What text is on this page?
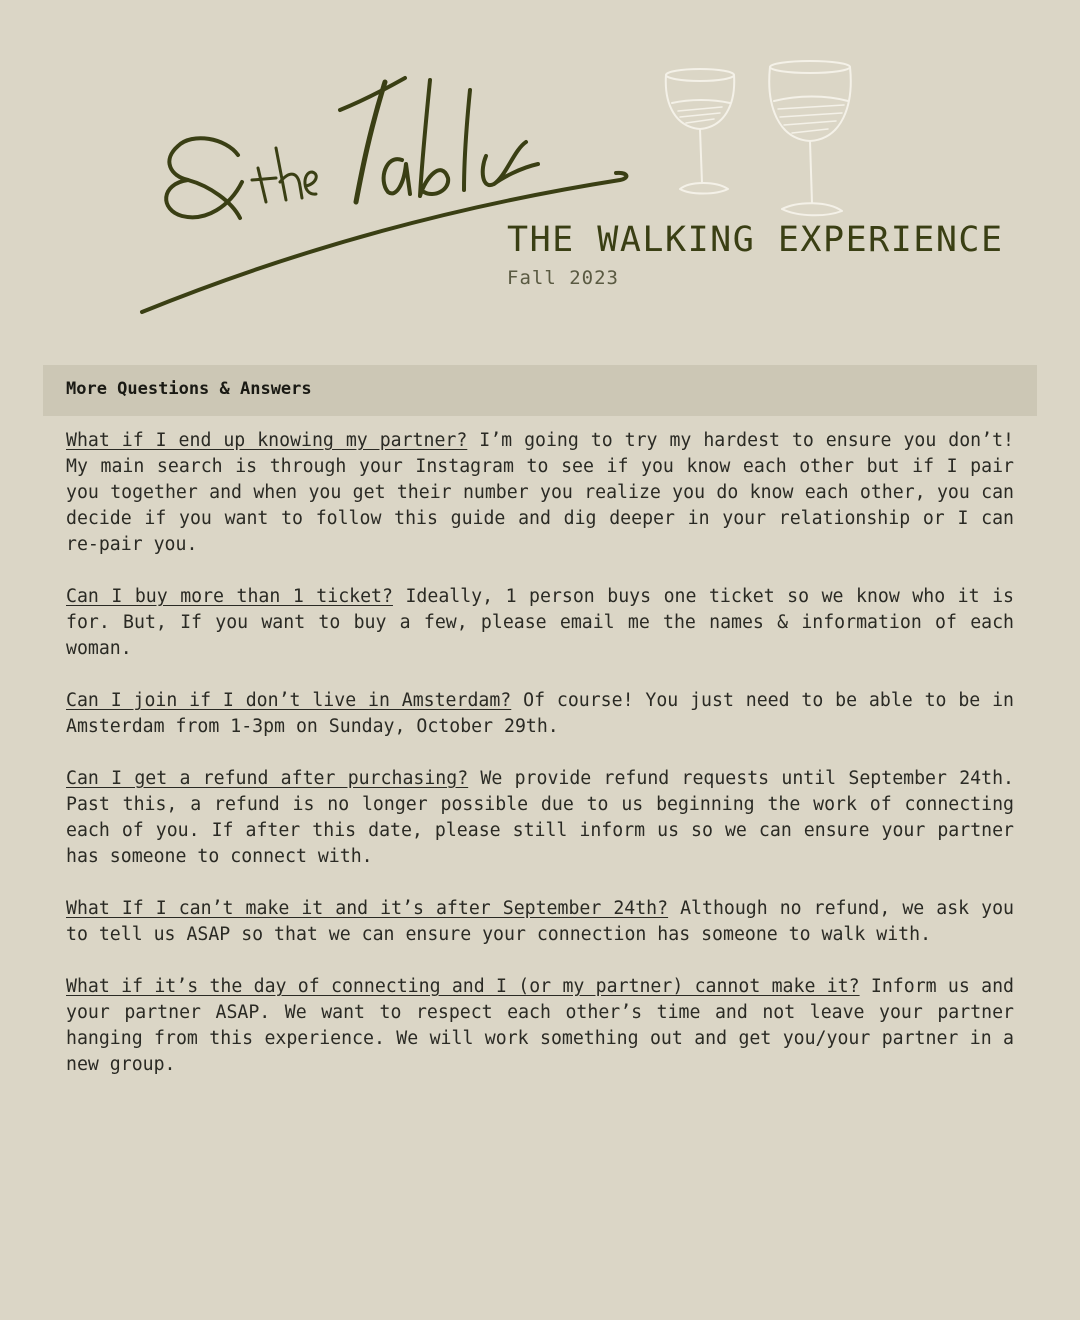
THE WALKING EXPERIENCE
Fall 2023
More Questions & Answers

What if I end up knowing my partner? I’m going to try my hardest to ensure you don’t! My main search is through your Instagram to see if you know each other but if I pair you together and when you get their number you realize you do know each other, you can decide if you want to follow this guide and dig deeper in your relationship or I can re-pair you.

Can I buy more than 1 ticket? Ideally, 1 person buys one ticket so we know who it is for. But, If you want to buy a few, please email me the names & information of each woman.

Can I join if I don’t live in Amsterdam? Of course! You just need to be able to be in Amsterdam from 1-3pm on Sunday, October 29th.

Can I get a refund after purchasing? We provide refund requests until September 24th. Past this, a refund is no longer possible due to us beginning the work of connecting each of you. If after this date, please still inform us so we can ensure your partner has someone to connect with.

What If I can’t make it and it’s after September 24th? Although no refund, we ask you to tell us ASAP so that we can ensure your connection has someone to walk with.

What if it’s the day of connecting and I (or my partner) cannot make it? Inform us and your partner ASAP. We want to respect each other’s time and not leave your partner hanging from this experience. We will work something out and get you/your partner in a new group.
